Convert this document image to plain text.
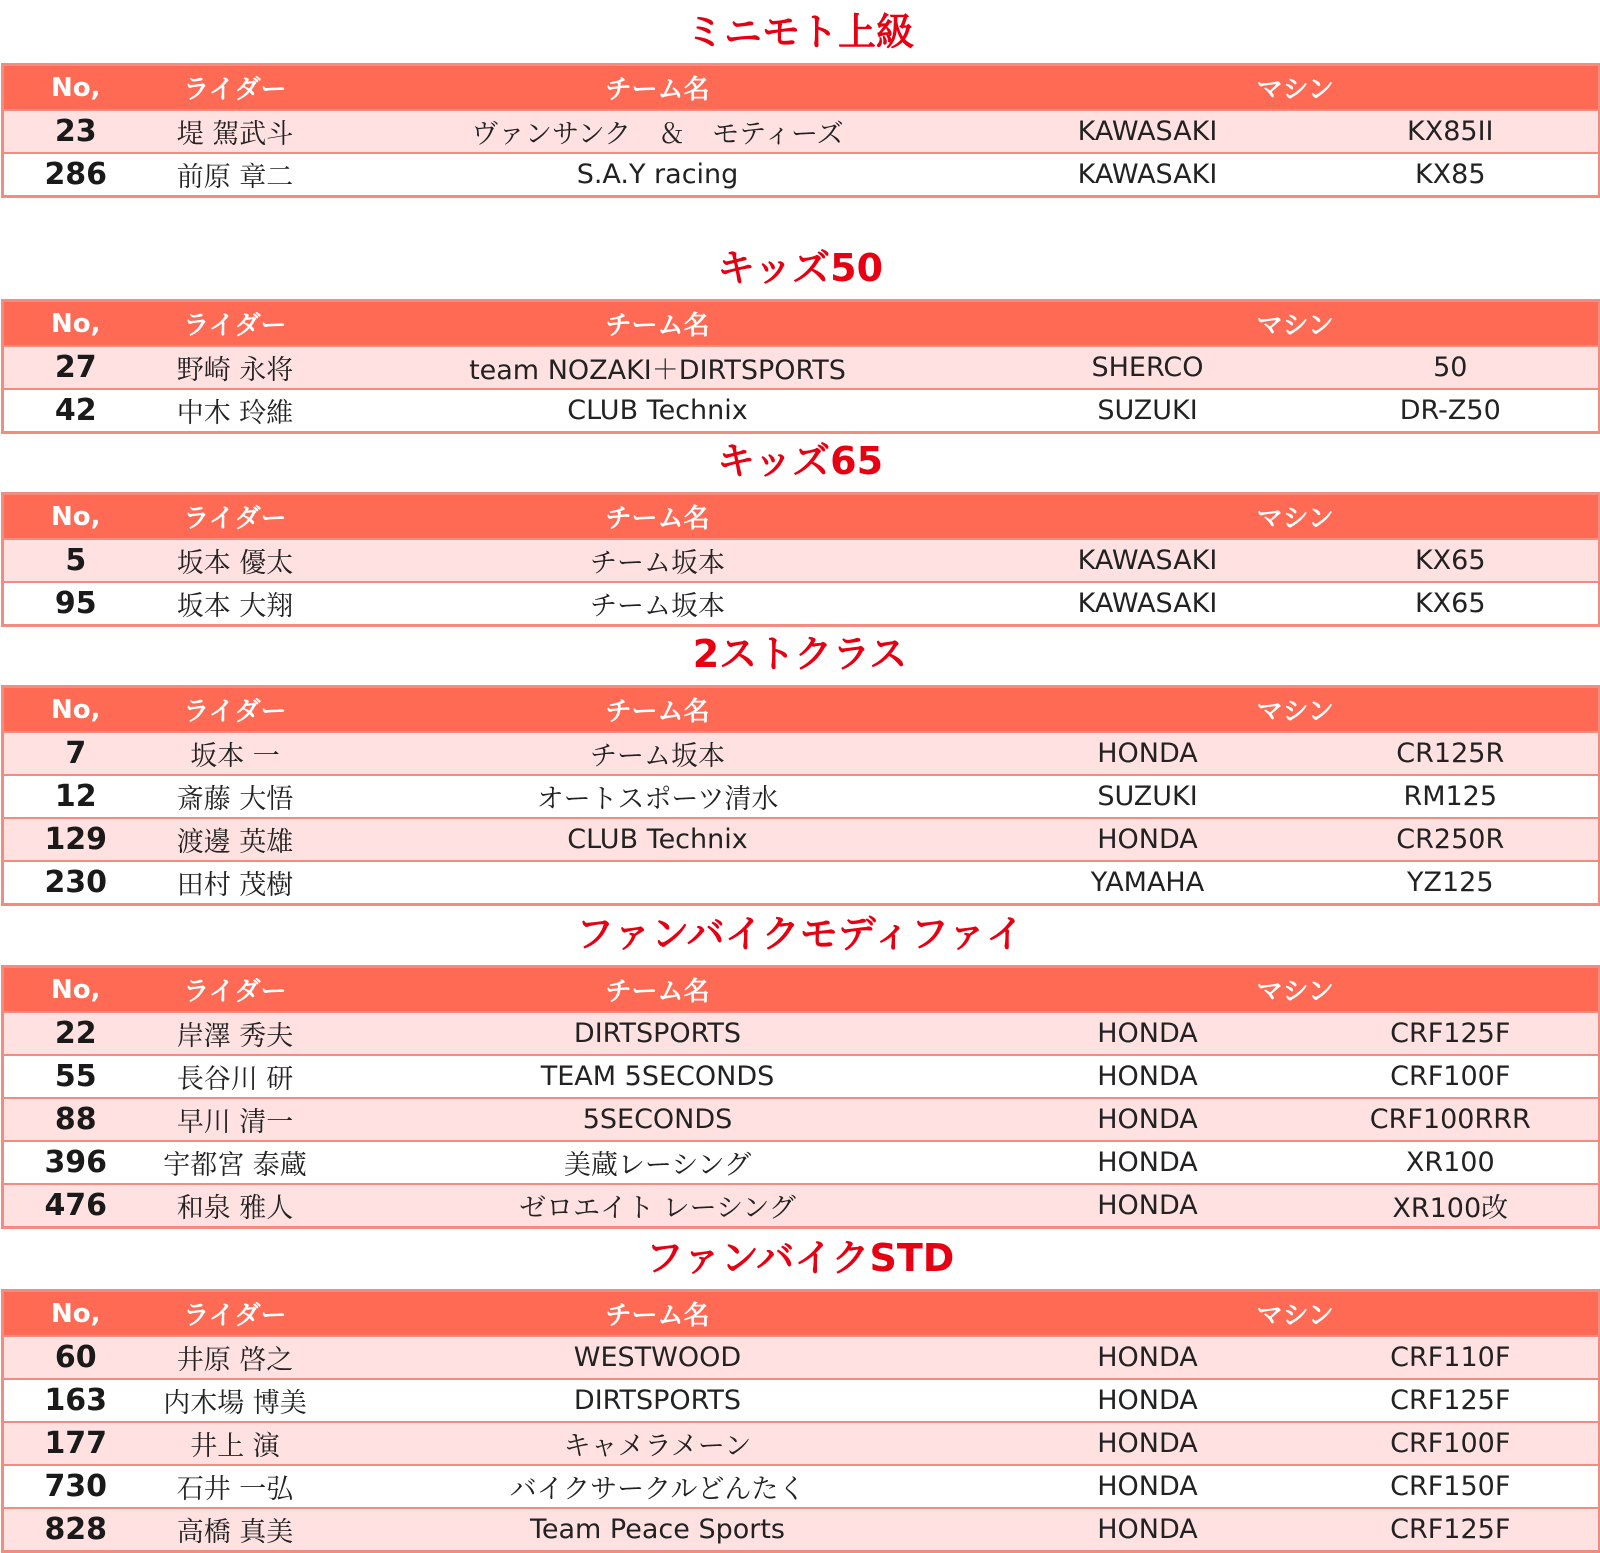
ミニモト上級
No,	ライダー	チーム名	マシン	
23	堤 駕武斗	ヴァンサンク　＆　モティーズ	KAWASAKI	KX85II
286	前原 章二	S.A.Y racing	KAWASAKI	KX85
キッズ50
No,	ライダー	チーム名	マシン	
27	野崎 永将	team NOZAKI＋DIRTSPORTS	SHERCO	50
42	中木 玲維	CLUB Technix	SUZUKI	DR-Z50
キッズ65
No,	ライダー	チーム名	マシン	
5	坂本 優太	チーム坂本	KAWASAKI	KX65
95	坂本 大翔	チーム坂本	KAWASAKI	KX65
2ストクラス
No,	ライダー	チーム名	マシン	
7	坂本 一	チーム坂本	HONDA	CR125R
12	斎藤 大悟	オートスポーツ清水	SUZUKI	RM125
129	渡邊 英雄	CLUB Technix	HONDA	CR250R
230	田村 茂樹		YAMAHA	YZ125
ファンバイクモディファイ
No,	ライダー	チーム名	マシン	
22	岸澤 秀夫	DIRTSPORTS	HONDA	CRF125F
55	長谷川 研	TEAM 5SECONDS	HONDA	CRF100F
88	早川 清一	5SECONDS	HONDA	CRF100RRR
396	宇都宮 泰蔵	美蔵レーシング	HONDA	XR100
476	和泉 雅人	ゼロエイト レーシング	HONDA	XR100改
ファンバイクSTD
No,	ライダー	チーム名	マシン	
60	井原 啓之	WESTWOOD	HONDA	CRF110F
163	内木場 博美	DIRTSPORTS	HONDA	CRF125F
177	井上 演	キャメラメーン	HONDA	CRF100F
730	石井 一弘	バイクサークルどんたく	HONDA	CRF150F
828	高橋 真美	Team Peace Sports	HONDA	CRF125F
